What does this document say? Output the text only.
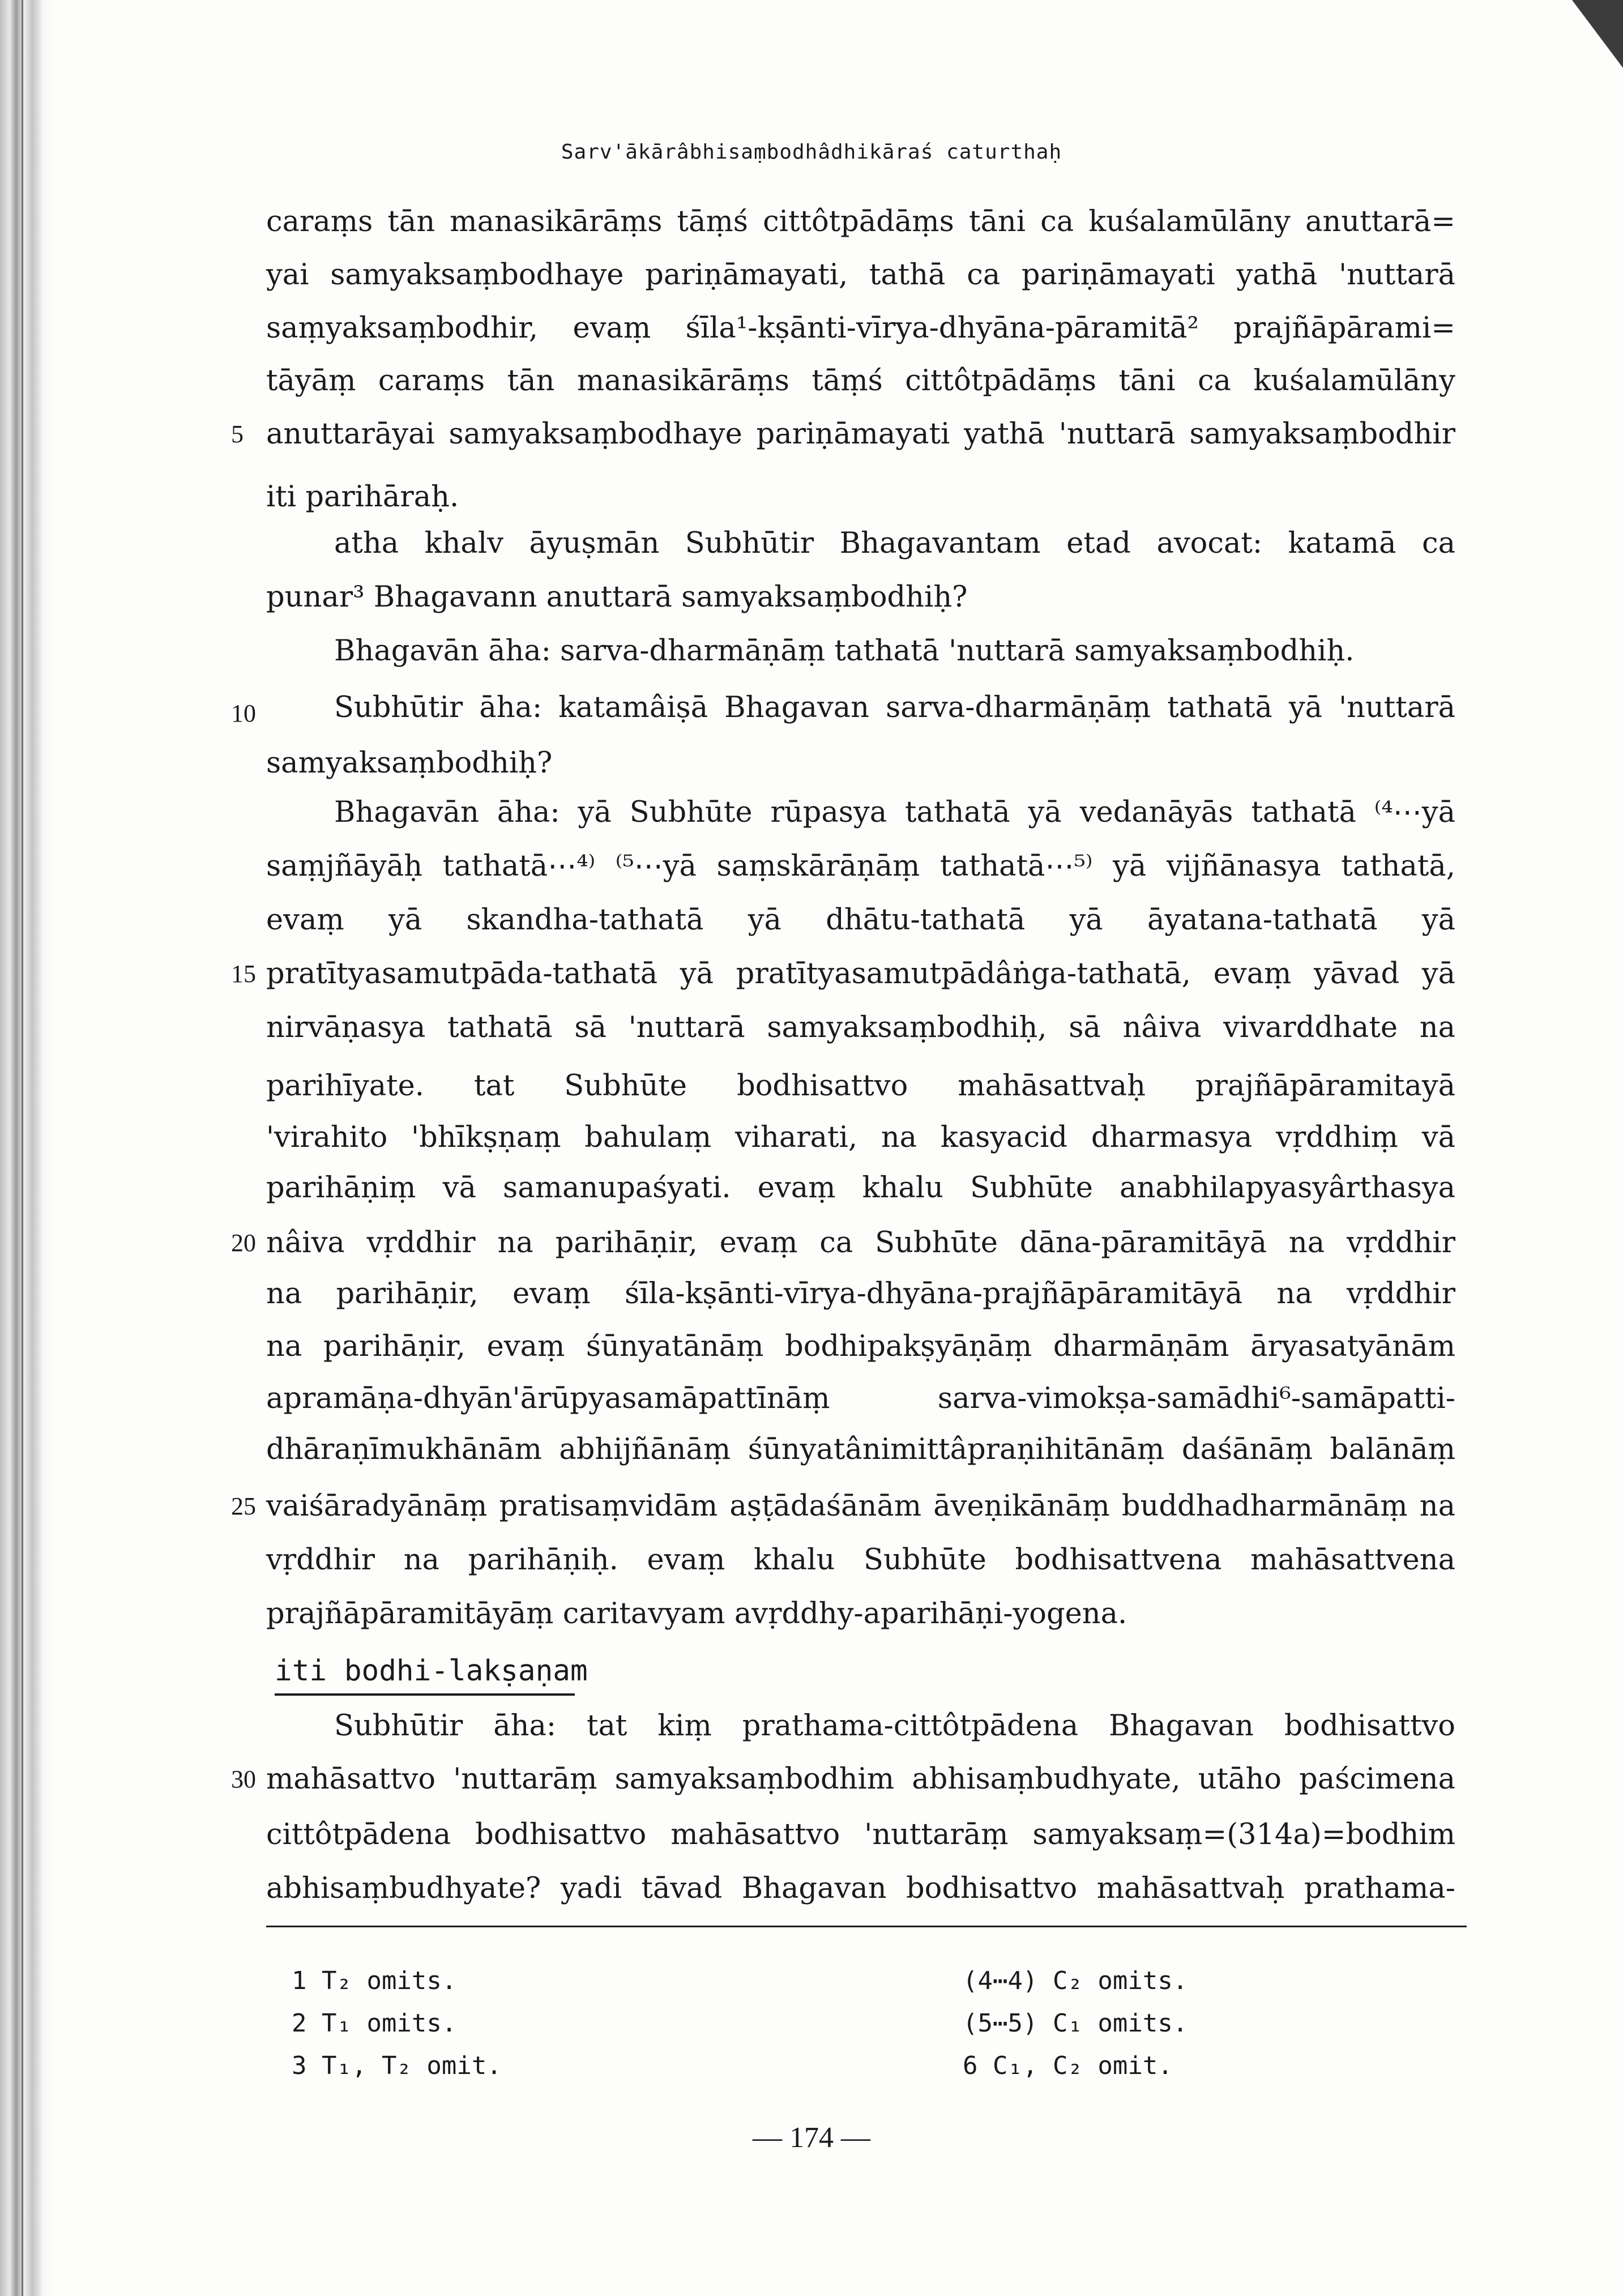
Sarv'ākārâbhisaṃbodhâdhikāraś caturthaḥ
caraṃs tān manasikārāṃs tāṃś cittôtpādāṃs tāni ca kuśalamūlāny anuttarā=
yai samyaksaṃbodhaye pariṇāmayati, tathā ca pariṇāmayati yathā 'nuttarā
saṃyaksaṃbodhir, evaṃ śīla¹-kṣānti-vīrya-dhyāna-pāramitā² prajñāpārami=
tāyāṃ caraṃs tān manasikārāṃs tāṃś cittôtpādāṃs tāni ca kuśalamūlāny
anuttarāyai samyaksaṃbodhaye pariṇāmayati yathā 'nuttarā samyaksaṃbodhir
iti parihāraḥ.
atha khalv āyuṣmān Subhūtir Bhagavantam etad avocat: katamā ca
punar³ Bhagavann anuttarā samyaksaṃbodhiḥ?
Bhagavān āha: sarva-dharmāṇāṃ tathatā 'nuttarā samyaksaṃbodhiḥ.
Subhūtir āha: katamâiṣā Bhagavan sarva-dharmāṇāṃ tathatā yā 'nuttarā
samyaksaṃbodhiḥ?
Bhagavān āha: yā Subhūte rūpasya tathatā yā vedanāyās tathatā ⁽⁴⋯yā
saṃjñāyāḥ tathatā⋯⁴⁾ ⁽⁵⋯yā saṃskārāṇāṃ tathatā⋯⁵⁾ yā vijñānasya tathatā,
evaṃ yā skandha-tathatā yā dhātu-tathatā yā āyatana-tathatā yā
pratītyasamutpāda-tathatā yā pratītyasamutpādâṅga-tathatā, evaṃ yāvad yā
nirvāṇasya tathatā sā 'nuttarā samyaksaṃbodhiḥ, sā nâiva vivarddhate na
parihīyate. tat Subhūte bodhisattvo mahāsattvaḥ prajñāpāramitayā
'virahito 'bhīkṣṇaṃ bahulaṃ viharati, na kasyacid dharmasya vṛddhiṃ vā
parihāṇiṃ vā samanupaśyati. evaṃ khalu Subhūte anabhilapyasyârthasya
nâiva vṛddhir na parihāṇir, evaṃ ca Subhūte dāna-pāramitāyā na vṛddhir
na parihāṇir, evaṃ śīla-kṣānti-vīrya-dhyāna-prajñāpāramitāyā na vṛddhir
na parihāṇir, evaṃ śūnyatānāṃ bodhipakṣyāṇāṃ dharmāṇām āryasatyānām
apramāṇa-dhyān'ārūpyasamāpattīnāṃ sarva-vimokṣa-samādhi⁶-samāpatti-
dhāraṇīmukhānām abhijñānāṃ śūnyatânimittâpraṇihitānāṃ daśānāṃ balānāṃ
vaiśāradyānāṃ pratisaṃvidām aṣṭādaśānām āveṇikānāṃ buddhadharmānāṃ na
vṛddhir na parihāṇiḥ. evaṃ khalu Subhūte bodhisattvena mahāsattvena
prajñāpāramitāyāṃ caritavyam avṛddhy-aparihāṇi-yogena.
iti bodhi-lakṣaṇam
Subhūtir āha: tat kiṃ prathama-cittôtpādena Bhagavan bodhisattvo
mahāsattvo 'nuttarāṃ samyaksaṃbodhim abhisaṃbudhyate, utāho paścimena
cittôtpādena bodhisattvo mahāsattvo 'nuttarāṃ samyaksaṃ=(314a)=bodhim
abhisaṃbudhyate? yadi tāvad Bhagavan bodhisattvo mahāsattvaḥ prathama-
5
10
15
20
25
30
1 T₂ omits.
2 T₁ omits.
3 T₁, T₂ omit.
(4⋯4) C₂ omits.
(5⋯5) C₁ omits.
6 C₁, C₂ omit.
— 174 —
